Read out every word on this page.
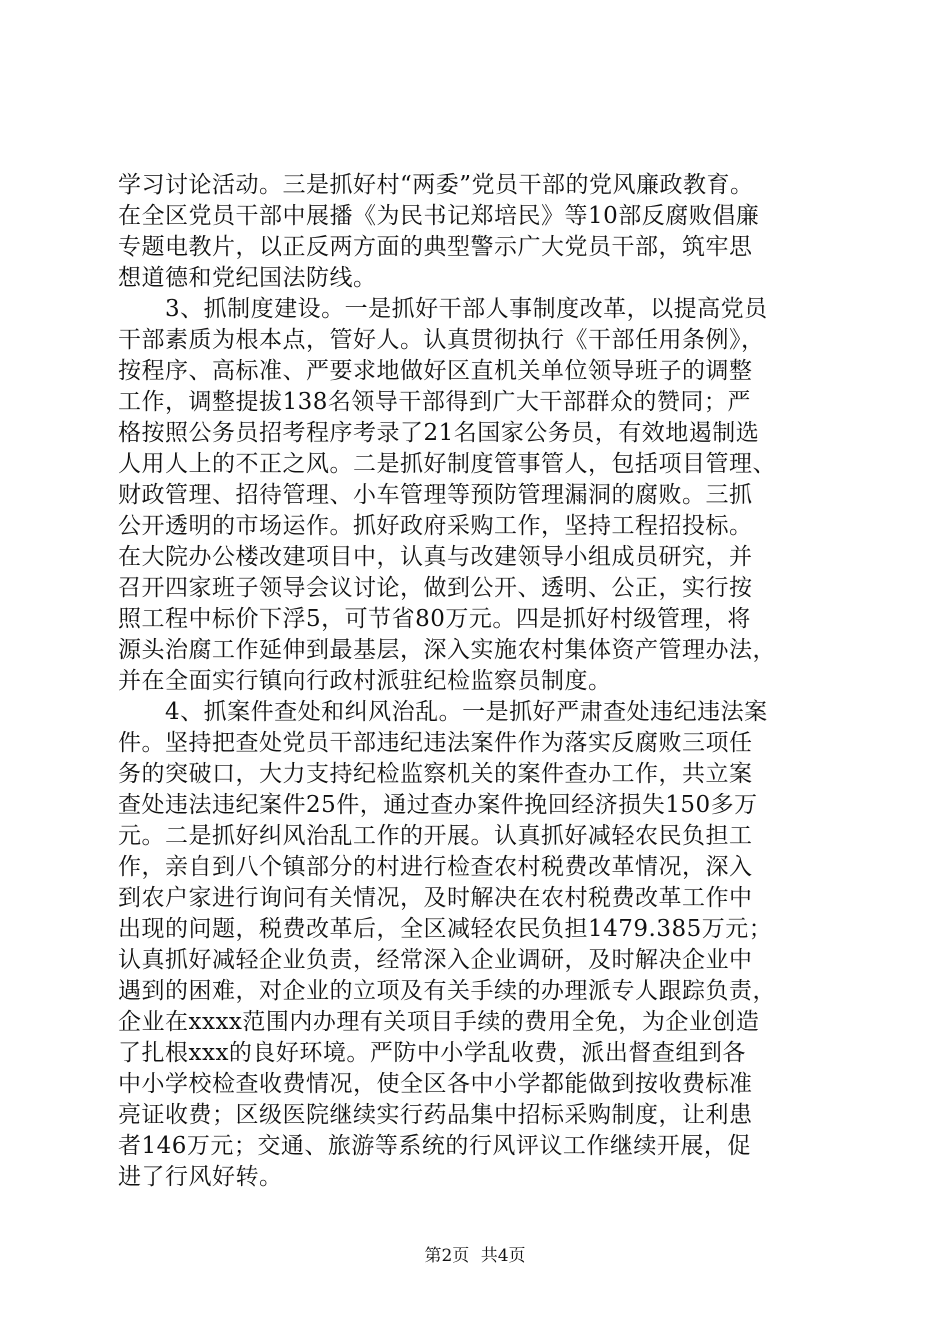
学习讨论活动。三是抓好村“两委”党员干部的党风廉政教育。
在全区党员干部中展播《为民书记郑培民》等10部反腐败倡廉
专题电教片，以正反两方面的典型警示广大党员干部，筑牢思
想道德和党纪国法防线。
3、抓制度建设。一是抓好干部人事制度改革，以提高党员
干部素质为根本点，管好人。认真贯彻执行《干部任用条例》，
按程序、高标准、严要求地做好区直机关单位领导班子的调整
工作，调整提拔138名领导干部得到广大干部群众的赞同；严
格按照公务员招考程序考录了21名国家公务员，有效地遏制选
人用人上的不正之风。二是抓好制度管事管人，包括项目管理、
财政管理、招待管理、小车管理等预防管理漏洞的腐败。三抓
公开透明的市场运作。抓好政府采购工作，坚持工程招投标。
在大院办公楼改建项目中，认真与改建领导小组成员研究，并
召开四家班子领导会议讨论，做到公开、透明、公正，实行按
照工程中标价下浮5，可节省80万元。四是抓好村级管理，将
源头治腐工作延伸到最基层，深入实施农村集体资产管理办法，
并在全面实行镇向行政村派驻纪检监察员制度。
4、抓案件查处和纠风治乱。一是抓好严肃查处违纪违法案
件。坚持把查处党员干部违纪违法案件作为落实反腐败三项任
务的突破口，大力支持纪检监察机关的案件查办工作，共立案
查处违法违纪案件25件，通过查办案件挽回经济损失150多万
元。二是抓好纠风治乱工作的开展。认真抓好减轻农民负担工
作，亲自到八个镇部分的村进行检查农村税费改革情况，深入
到农户家进行询问有关情况，及时解决在农村税费改革工作中
出现的问题，税费改革后，全区减轻农民负担1479.385万元；
认真抓好减轻企业负责，经常深入企业调研，及时解决企业中
遇到的困难，对企业的立项及有关手续的办理派专人跟踪负责，
企业在xxxx范围内办理有关项目手续的费用全免，为企业创造
了扎根xxx的良好环境。严防中小学乱收费，派出督查组到各
中小学校检查收费情况，使全区各中小学都能做到按收费标准
亮证收费；区级医院继续实行药品集中招标采购制度，让利患
者146万元；交通、旅游等系统的行风评议工作继续开展，促
进了行风好转。
第2页 共4页
